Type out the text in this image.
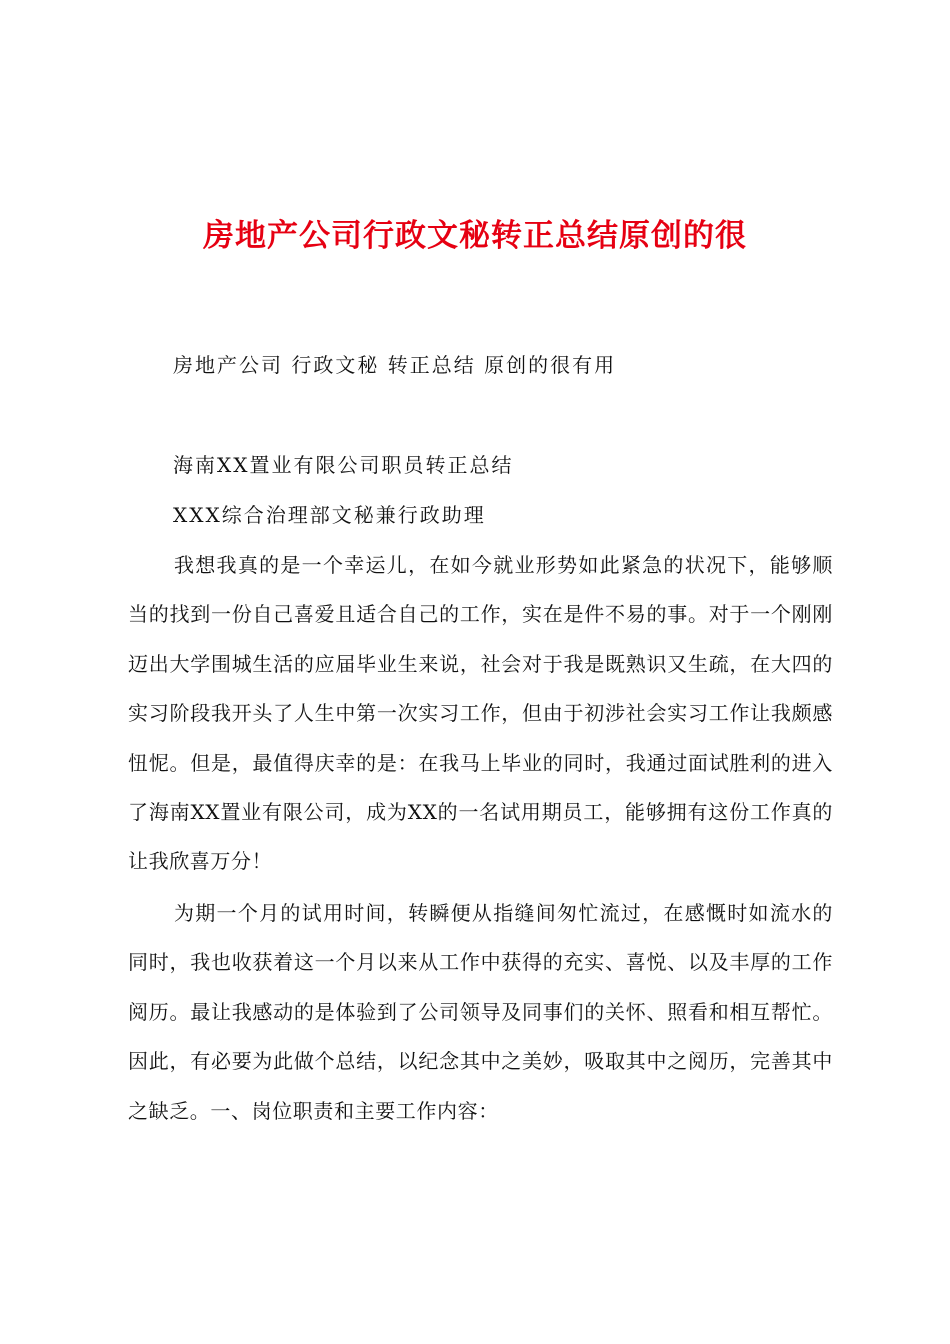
房地产公司行政文秘转正总结原创的很
房地产公司 行政文秘 转正总结 原创的很有用
海南XX置业有限公司职员转正总结
XXX综合治理部文秘兼行政助理

我想我真的是一个幸运儿，在如今就业形势如此紧急的状况下，能够顺当的找到一份自己喜爱且适合自己的工作，实在是件不易的事。对于一个刚刚迈出大学围城生活的应届毕业生来说，社会对于我是既熟识又生疏，在大四的实习阶段我开头了人生中第一次实习工作，但由于初涉社会实习工作让我颇感忸怩。但是，最值得庆幸的是：在我马上毕业的同时，我通过面试胜利的进入了海南XX置业有限公司，成为XX的一名试用期员工，能够拥有这份工作真的让我欣喜万分！

为期一个月的试用时间，转瞬便从指缝间匆忙流过，在感慨时如流水的同时，我也收获着这一个月以来从工作中获得的充实、喜悦、以及丰厚的工作阅历。最让我感动的是体验到了公司领导及同事们的关怀、照看和相互帮忙。因此，有必要为此做个总结，以纪念其中之美妙，吸取其中之阅历，完善其中之缺乏。一、岗位职责和主要工作内容：
